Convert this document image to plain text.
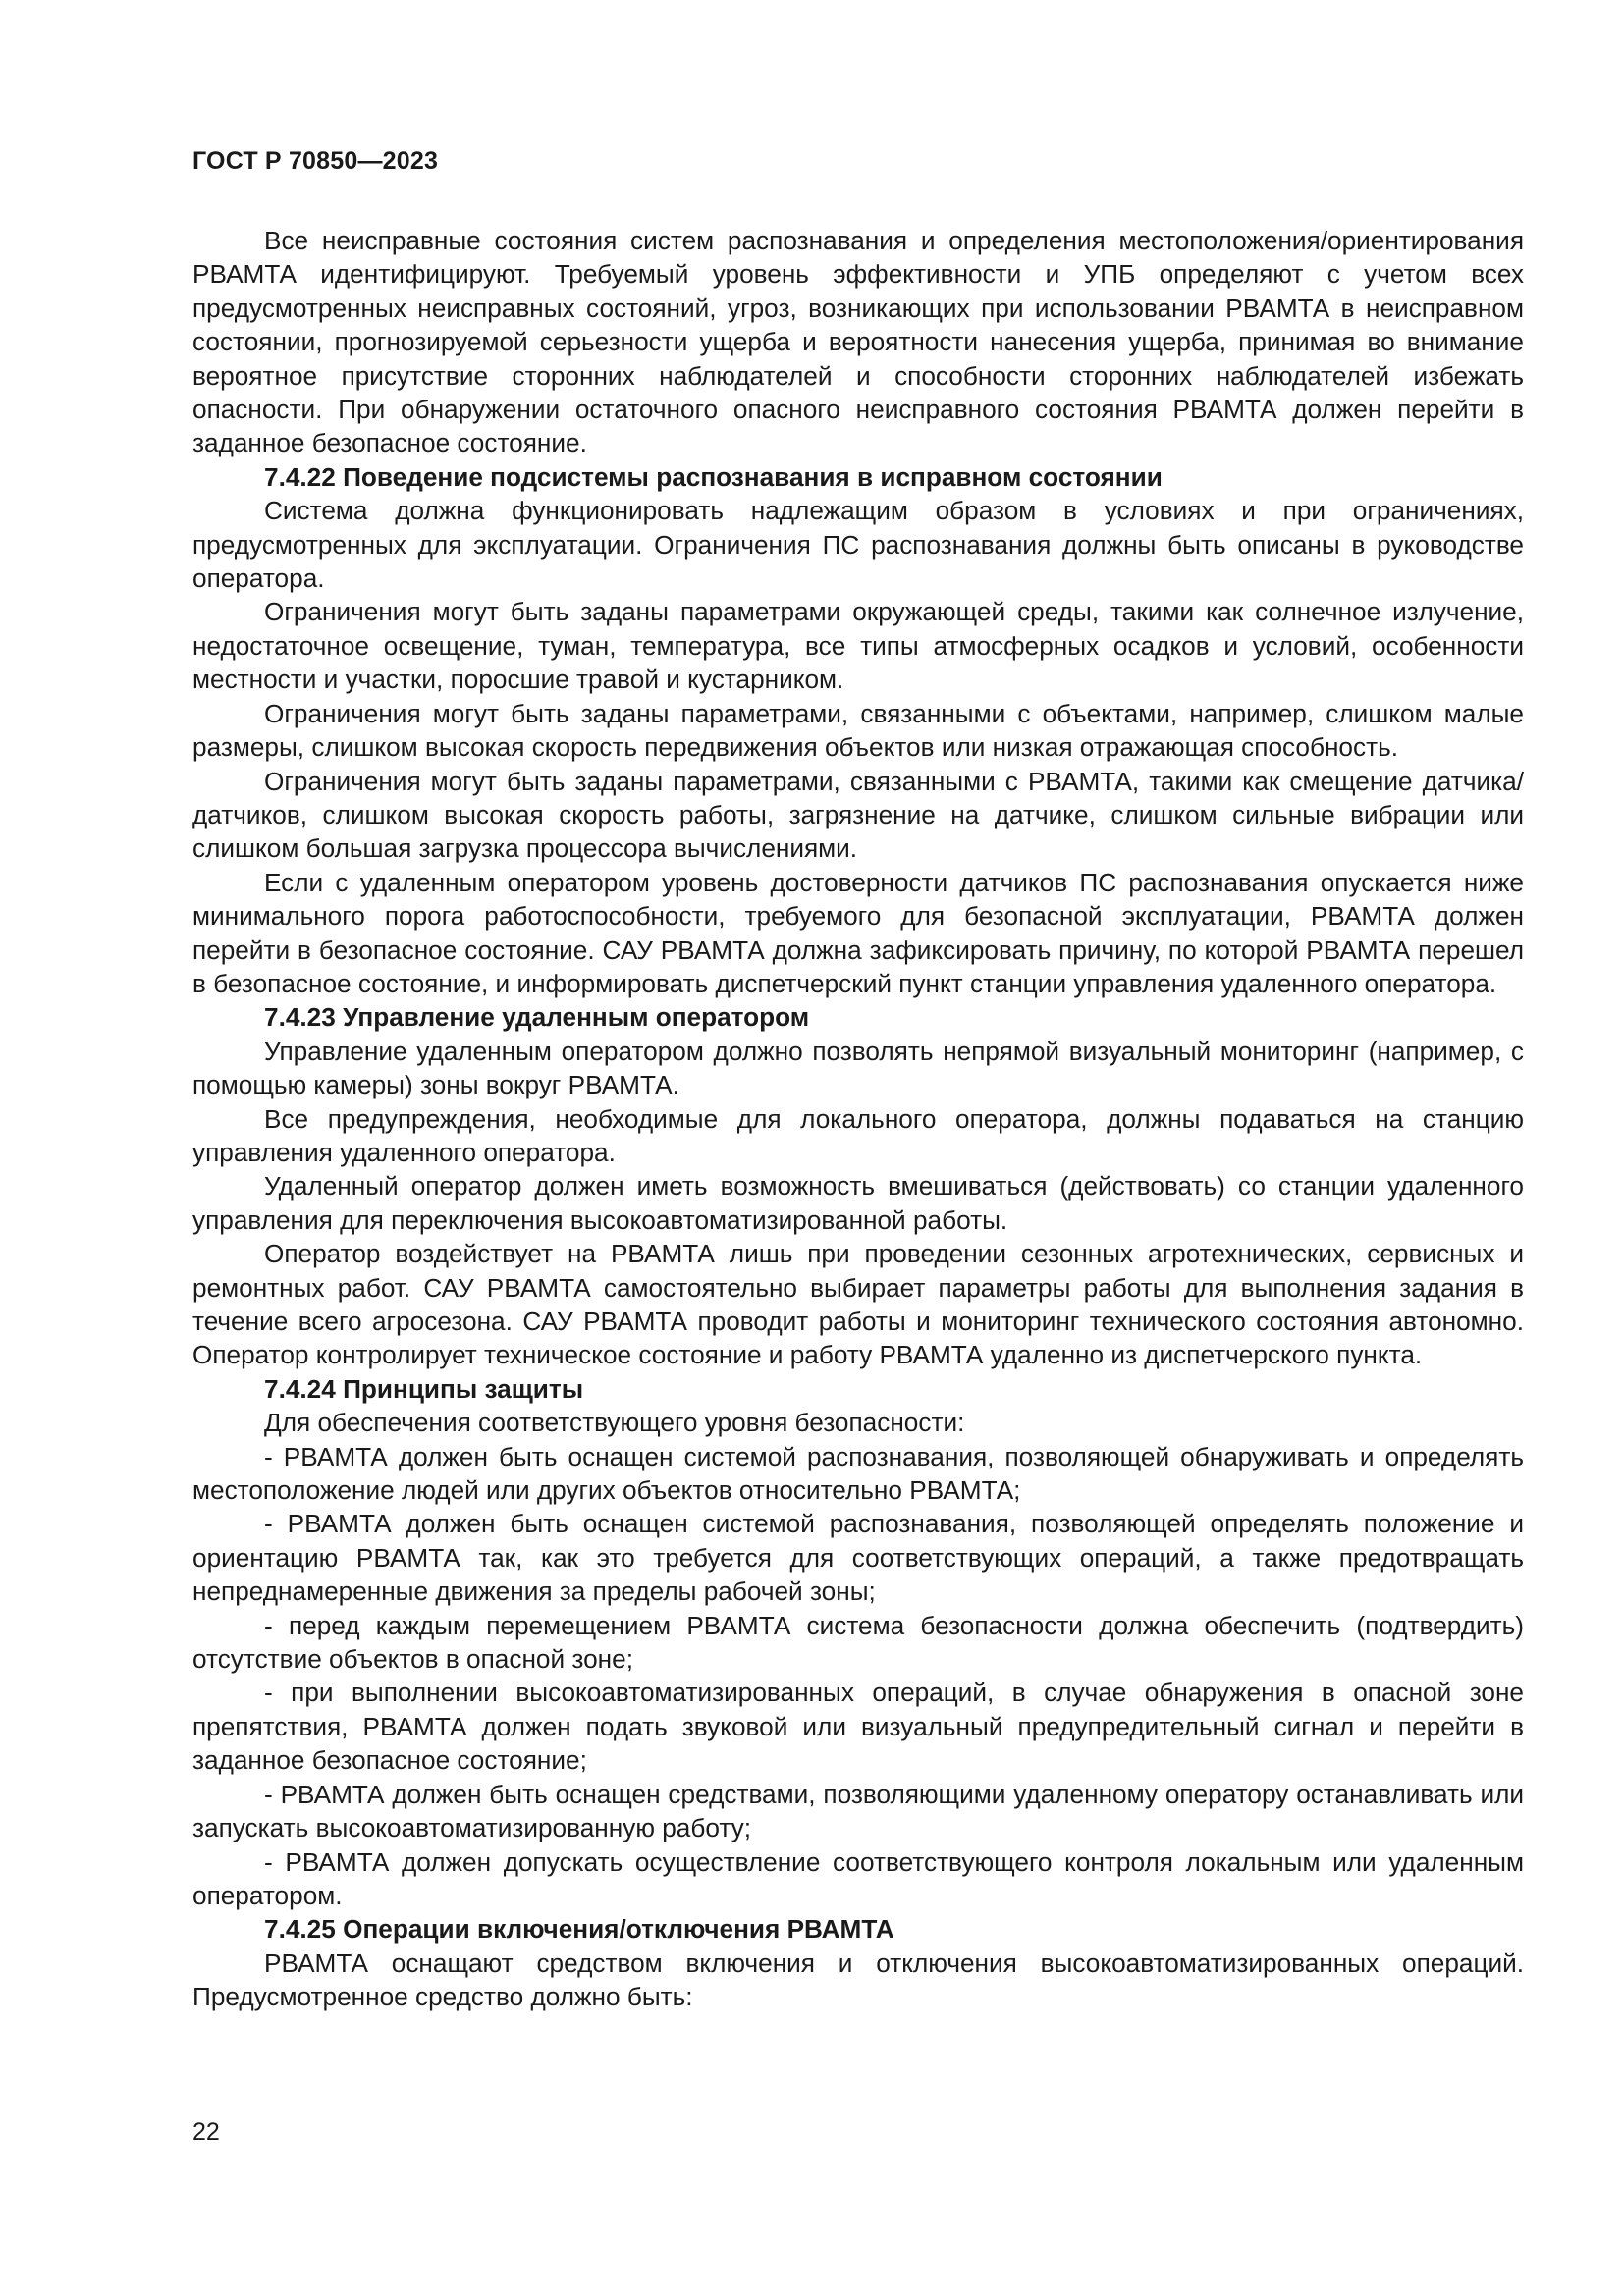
ГОСТ Р 70850—2023

Все неисправные состояния систем распознавания и определения местоположения/ориентирования РВАМТА идентифицируют. Требуемый уровень эффективности и УПБ определяют с учетом всех предусмотренных неисправных состояний, угроз, возникающих при использовании РВАМТА в неисправном состоянии, прогнозируемой серьезности ущерба и вероятности нанесения ущерба, принимая во внимание вероятное присутствие сторонних наблюдателей и способности сторонних наблюдателей избежать опасности. При обнаружении остаточного опасного неисправного состояния РВАМТА должен перейти в заданное безопасное состояние.

7.4.22 Поведение подсистемы распознавания в исправном состоянии

Система должна функционировать надлежащим образом в условиях и при ограничениях, предусмотренных для эксплуатации. Ограничения ПС распознавания должны быть описаны в руководстве оператора.

Ограничения могут быть заданы параметрами окружающей среды, такими как солнечное излучение, недостаточное освещение, туман, температура, все типы атмосферных осадков и условий, особенности местности и участки, поросшие травой и кустарником.

Ограничения могут быть заданы параметрами, связанными с объектами, например, слишком малые размеры, слишком высокая скорость передвижения объектов или низкая отражающая способность.

Ограничения могут быть заданы параметрами, связанными с РВАМТА, такими как смещение датчика/датчиков, слишком высокая скорость работы, загрязнение на датчике, слишком сильные вибрации или слишком большая загрузка процессора вычислениями.

Если с удаленным оператором уровень достоверности датчиков ПС распознавания опускается ниже минимального порога работоспособности, требуемого для безопасной эксплуатации, РВАМТА должен перейти в безопасное состояние. САУ РВАМТА должна зафиксировать причину, по которой РВАМТА перешел в безопасное состояние, и информировать диспетчерский пункт станции управления удаленного оператора.

7.4.23 Управление удаленным оператором

Управление удаленным оператором должно позволять непрямой визуальный мониторинг (например, с помощью камеры) зоны вокруг РВАМТА.

Все предупреждения, необходимые для локального оператора, должны подаваться на станцию управления удаленного оператора.

Удаленный оператор должен иметь возможность вмешиваться (действовать) со станции удаленного управления для переключения высокоавтоматизированной работы.

Оператор воздействует на РВАМТА лишь при проведении сезонных агротехнических, сервисных и ремонтных работ. САУ РВАМТА самостоятельно выбирает параметры работы для выполнения задания в течение всего агросезона. САУ РВАМТА проводит работы и мониторинг технического состояния автономно. Оператор контролирует техническое состояние и работу РВАМТА удаленно из диспетчерского пункта.

7.4.24 Принципы защиты

Для обеспечения соответствующего уровня безопасности:

- РВАМТА должен быть оснащен системой распознавания, позволяющей обнаруживать и определять местоположение людей или других объектов относительно РВАМТА;

- РВАМТА должен быть оснащен системой распознавания, позволяющей определять положение и ориентацию РВАМТА так, как это требуется для соответствующих операций, а также предотвращать непреднамеренные движения за пределы рабочей зоны;

- перед каждым перемещением РВАМТА система безопасности должна обеспечить (подтвердить) отсутствие объектов в опасной зоне;

- при выполнении высокоавтоматизированных операций, в случае обнаружения в опасной зоне препятствия, РВАМТА должен подать звуковой или визуальный предупредительный сигнал и перейти в заданное безопасное состояние;

- РВАМТА должен быть оснащен средствами, позволяющими удаленному оператору останавливать или запускать высокоавтоматизированную работу;

- РВАМТА должен допускать осуществление соответствующего контроля локальным или удаленным оператором.

7.4.25 Операции включения/отключения РВАМТА

РВАМТА оснащают средством включения и отключения высокоавтоматизированных операций. Предусмотренное средство должно быть:

22
